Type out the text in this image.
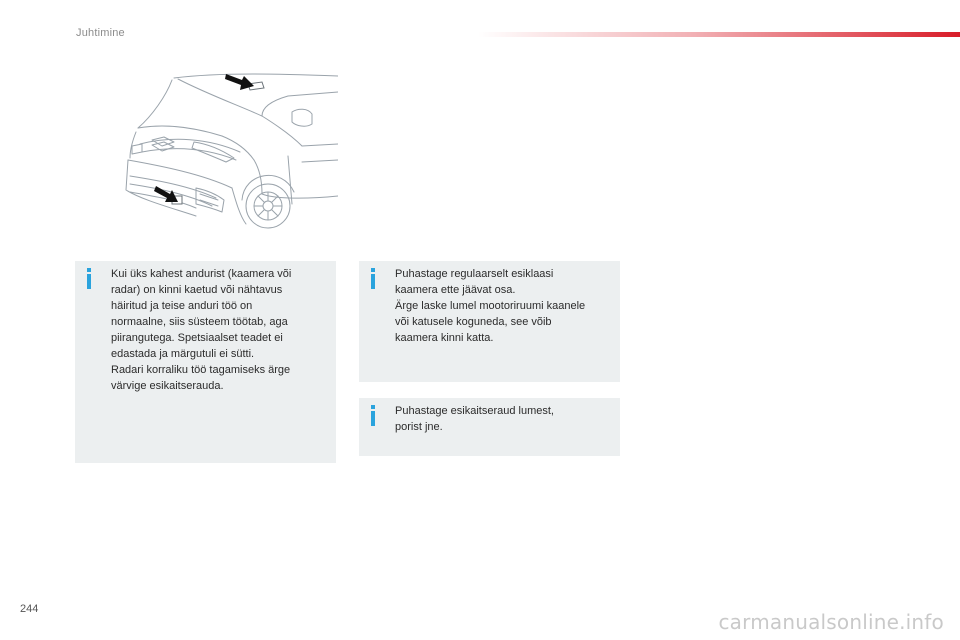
Juhtimine
Kui üks kahest andurist (kaamera või
radar) on kinni kaetud või nähtavus
häiritud ja teise anduri töö on
normaalne, siis süsteem töötab, aga
piirangutega. Spetsiaalset teadet ei
edastada ja märgutuli ei sütti.
Radari korraliku töö tagamiseks ärge
värvige esikaitserauda.
Puhastage regulaarselt esiklaasi
kaamera ette jäävat osa.
Ärge laske lumel mootoriruumi kaanele
või katusele koguneda, see võib
kaamera kinni katta.
Puhastage esikaitseraud lumest,
porist jne.
244
carmanualsonline.info
